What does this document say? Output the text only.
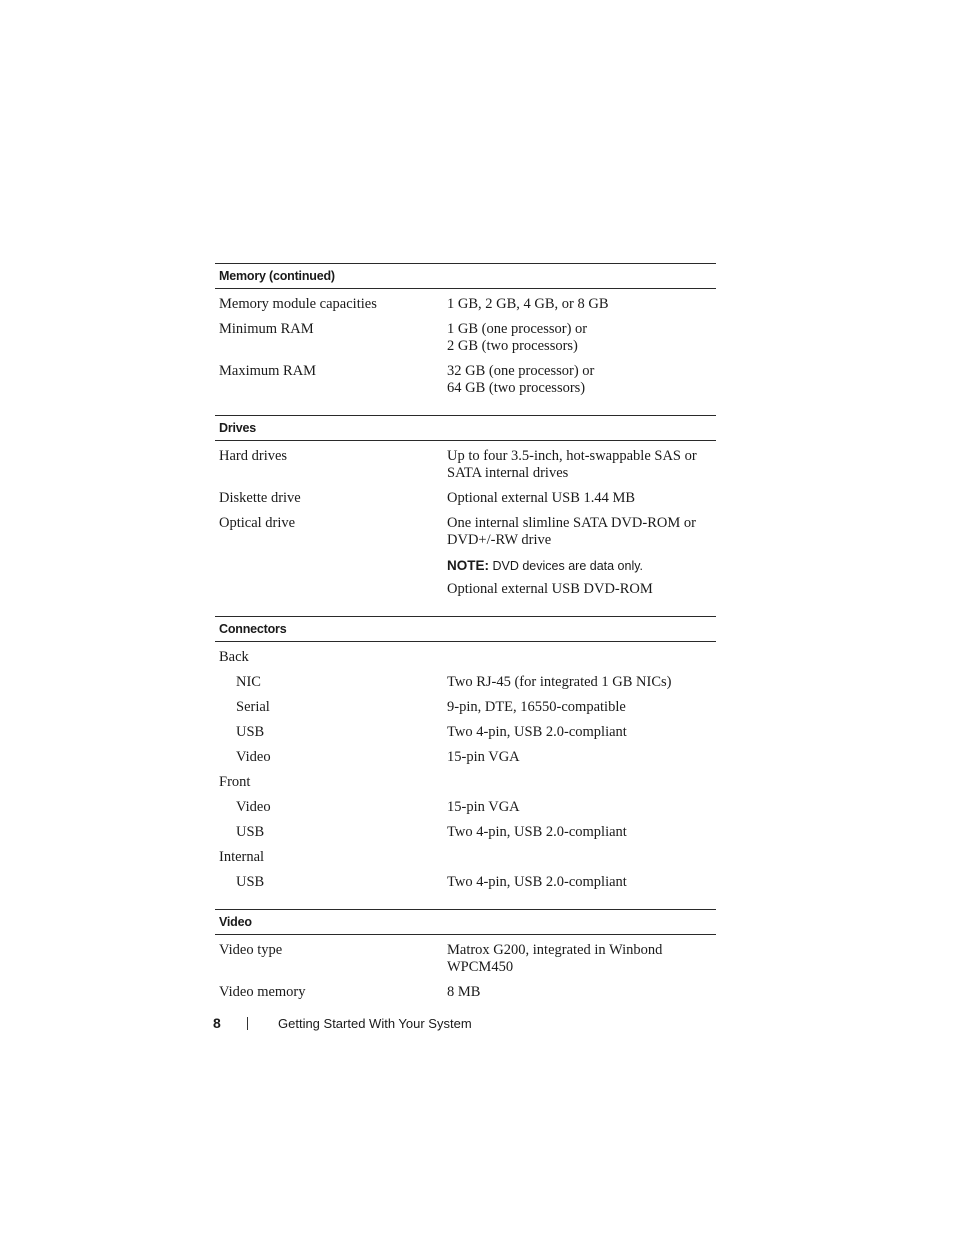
Memory (continued)
Memory module capacities	1 GB, 2 GB, 4 GB, or 8 GB
Minimum RAM	1 GB (one processor) or
2 GB (two processors)
Maximum RAM	32 GB (one processor) or
64 GB (two processors)
Drives
Hard drives	Up to four 3.5-inch, hot-swappable SAS or
SATA internal drives
Diskette drive	Optional external USB 1.44 MB
Optical drive	One internal slimline SATA DVD-ROM or
DVD+/-RW drive
NOTE: DVD devices are data only.
Optional external USB DVD-ROM
Connectors
Back

NIC	Two RJ-45 (for integrated 1 GB NICs)
Serial	9-pin, DTE, 16550-compatible
USB	Two 4-pin, USB 2.0-compliant
Video	15-pin VGA
Front

Video	15-pin VGA
USB	Two 4-pin, USB 2.0-compliant
Internal

USB	Two 4-pin, USB 2.0-compliant
Video
Video type	Matrox G200, integrated in Winbond
WPCM450
Video memory	8 MB
8	Getting Started With Your System
